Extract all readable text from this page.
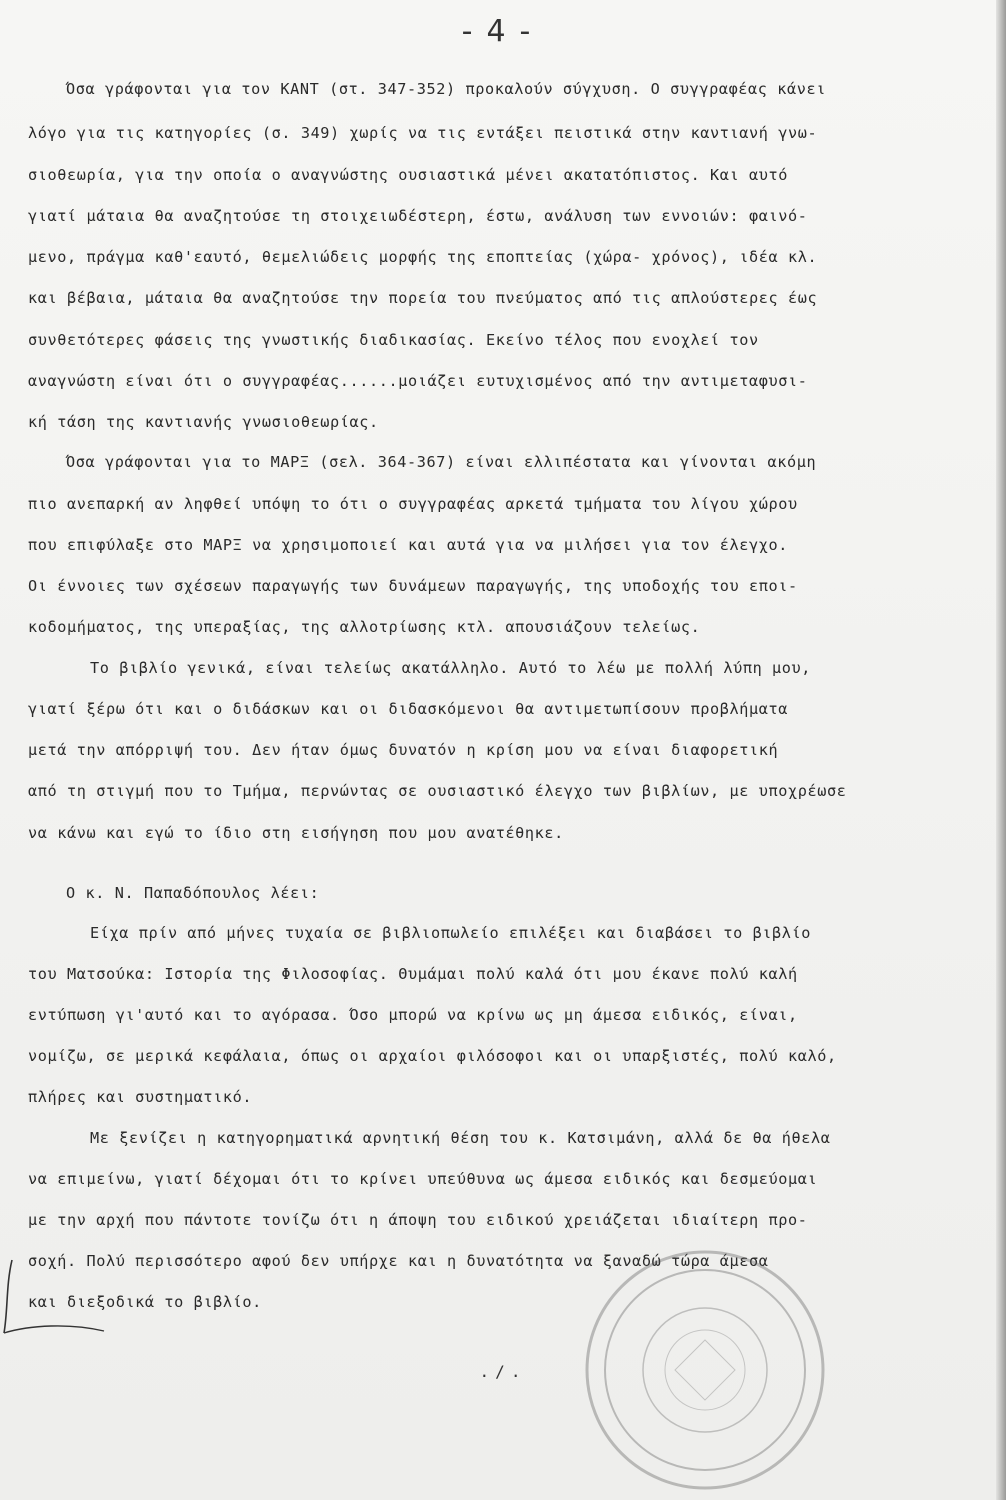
-4-
Όσα γράφονται για τον ΚΑΝΤ (στ. 347-352) προκαλούν σύγχυση. Ο συγγραφέας κάνει
λόγο για τις κατηγορίες (σ. 349) χωρίς να τις εντάξει πειστικά στην καντιανή γνω-
σιοθεωρία, για την οποία ο αναγνώστης ουσιαστικά μένει ακατατόπιστος. Και αυτό
γιατί μάταια θα αναζητούσε τη στοιχειωδέστερη, έστω, ανάλυση των εννοιών: φαινό-
μενο, πράγμα καθ'εαυτό, θεμελιώδεις μορφής της εποπτείας (χώρα- χρόνος), ιδέα κλ.
και βέβαια, μάταια θα αναζητούσε την πορεία του πνεύματος από τις απλούστερες έως
συνθετότερες φάσεις της γνωστικής διαδικασίας. Εκείνο τέλος που ενοχλεί τον
αναγνώστη είναι ότι ο συγγραφέας......μοιάζει ευτυχισμένος από την αντιμεταφυσι-
κή τάση της καντιανής γνωσιοθεωρίας.
Όσα γράφονται για το ΜΑΡΞ (σελ. 364-367) είναι ελλιπέστατα και γίνονται ακόμη
πιο ανεπαρκή αν ληφθεί υπόψη το ότι ο συγγραφέας αρκετά τμήματα του λίγου χώρου
που επιφύλαξε στο ΜΑΡΞ να χρησιμοποιεί και αυτά για να μιλήσει για τον έλεγχο.
Οι έννοιες των σχέσεων παραγωγής των δυνάμεων παραγωγής, της υποδοχής του εποι-
κοδομήματος, της υπεραξίας, της αλλοτρίωσης κτλ. απουσιάζουν τελείως.
Το βιβλίο γενικά, είναι τελείως ακατάλληλο. Αυτό το λέω με πολλή λύπη μου,
γιατί ξέρω ότι και ο διδάσκων και οι διδασκόμενοι θα αντιμετωπίσουν προβλήματα
μετά την απόρριψή του. Δεν ήταν όμως δυνατόν η κρίση μου να είναι διαφορετική
από τη στιγμή που το Τμήμα, περνώντας σε ουσιαστικό έλεγχο των βιβλίων, με υποχρέωσε
να κάνω και εγώ το ίδιο στη εισήγηση που μου ανατέθηκε.
Ο κ. Ν. Παπαδόπουλος λέει:
Είχα πρίν από μήνες τυχαία σε βιβλιοπωλείο επιλέξει και διαβάσει το βιβλίο
του Ματσούκα: Ιστορία της Φιλοσοφίας. Θυμάμαι πολύ καλά ότι μου έκανε πολύ καλή
εντύπωση γι'αυτό και το αγόρασα. Όσο μπορώ να κρίνω ως μη άμεσα ειδικός, είναι,
νομίζω, σε μερικά κεφάλαια, όπως οι αρχαίοι φιλόσοφοι και οι υπαρξιστές, πολύ καλό,
πλήρες και συστηματικό.
Με ξενίζει η κατηγορηματικά αρνητική θέση του κ. Κατσιμάνη, αλλά δε θα ήθελα
να επιμείνω, γιατί δέχομαι ότι το κρίνει υπεύθυνα ως άμεσα ειδικός και δεσμεύομαι
με την αρχή που πάντοτε τονίζω ότι η άποψη του ειδικού χρειάζεται ιδιαίτερη προ-
σοχή. Πολύ περισσότερο αφού δεν υπήρχε και η δυνατότητα να ξαναδώ τώρα άμεσα
και διεξοδικά το βιβλίο.
./.
